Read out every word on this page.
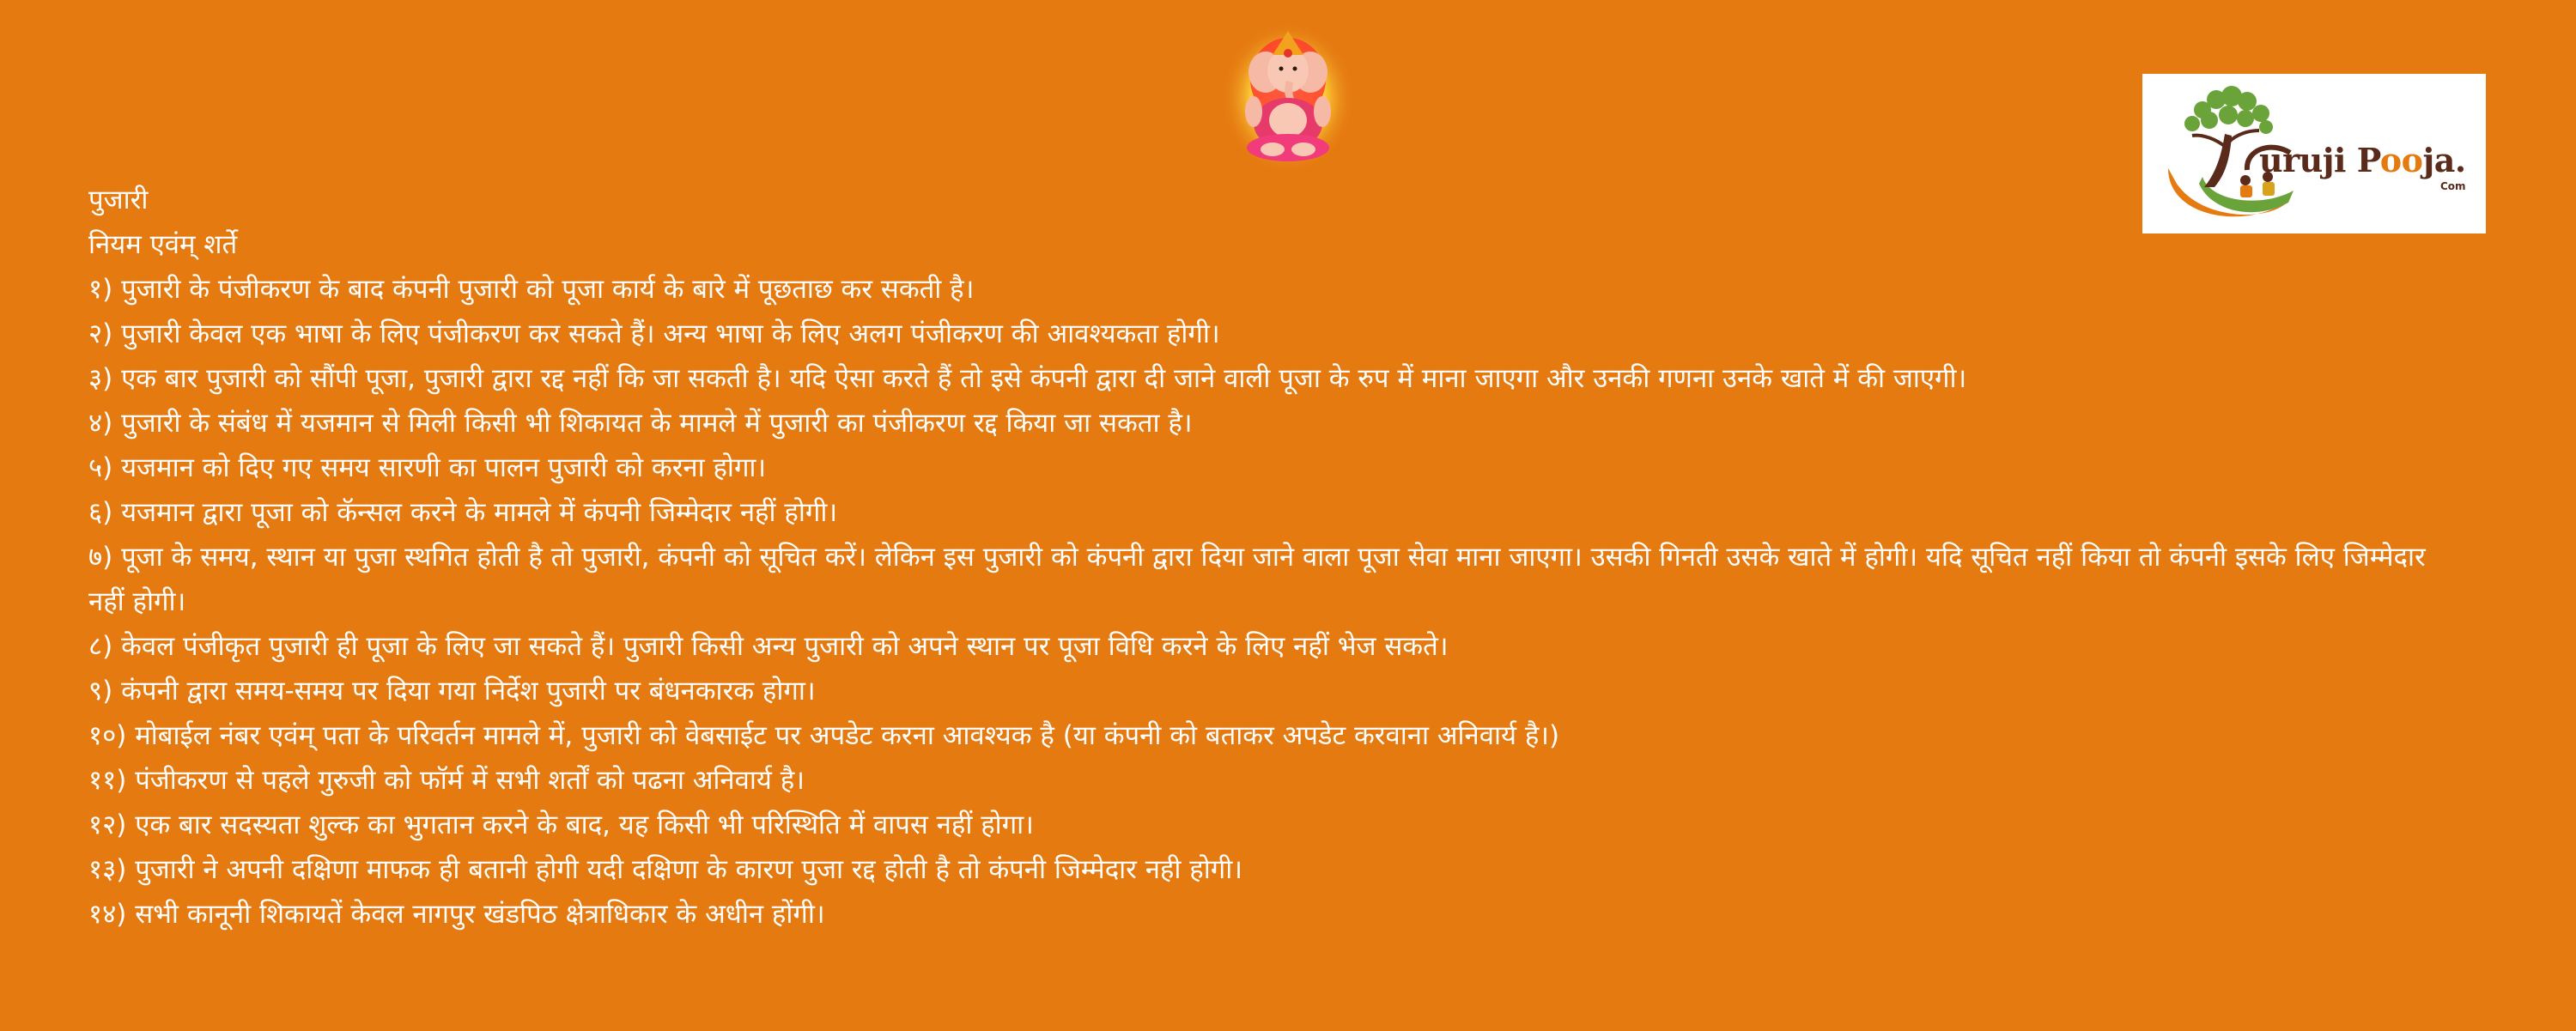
uruji Pooja.
Com
पुजारी
नियम एवंम् शर्ते
१) पुजारी के पंजीकरण के बाद कंपनी पुजारी को पूजा कार्य के बारे में पूछताछ कर सकती है।
२) पुजारी केवल एक भाषा के लिए पंजीकरण कर सकते हैं। अन्य भाषा के लिए अलग पंजीकरण की आवश्यकता होगी।
३) एक बार पुजारी को सौंपी पूजा, पुजारी द्वारा रद्द नहीं कि जा सकती है। यदि ऐसा करते हैं तो इसे कंपनी द्वारा दी जाने वाली पूजा के रुप में माना जाएगा और उनकी गणना उनके खाते में की जाएगी।
४) पुजारी के संबंध में यजमान से मिली किसी भी शिकायत के मामले में पुजारी का पंजीकरण रद्द किया जा सकता है।
५) यजमान को दिए गए समय सारणी का पालन पुजारी को करना होगा।
६) यजमान द्वारा पूजा को कॅन्सल करने के मामले में कंपनी जिम्मेदार नहीं होगी।
७) पूजा के समय, स्थान या पुजा स्थगित होती है तो पुजारी, कंपनी को सूचित करें। लेकिन इस पुजारी को कंपनी द्वारा दिया जाने वाला पूजा सेवा माना जाएगा। उसकी गिनती उसके खाते में होगी। यदि सूचित नहीं किया तो कंपनी इसके लिए जिम्मेदार नहीं होगी।
८) केवल पंजीकृत पुजारी ही पूजा के लिए जा सकते हैं। पुजारी किसी अन्य पुजारी को अपने स्थान पर पूजा विधि करने के लिए नहीं भेज सकते।
९) कंपनी द्वारा समय-समय पर दिया गया निर्देश पुजारी पर बंधनकारक होगा।
१०) मोबाईल नंबर एवंम् पता के परिवर्तन मामले में, पुजारी को वेबसाईट पर अपडेट करना आवश्यक है (या कंपनी को बताकर अपडेट करवाना अनिवार्य है।)
११) पंजीकरण से पहले गुरुजी को फॉर्म में सभी शर्तों को पढना अनिवार्य है।
१२) एक बार सदस्यता शुल्क का भुगतान करने के बाद, यह किसी भी परिस्थिति में वापस नहीं होगा।
१३) पुजारी ने अपनी दक्षिणा माफक ही बतानी होगी यदी दक्षिणा के कारण पुजा रद्द होती है तो कंपनी जिम्मेदार नही होगी।
१४) सभी कानूनी शिकायतें केवल नागपुर खंडपिठ क्षेत्राधिकार के अधीन होंगी।
